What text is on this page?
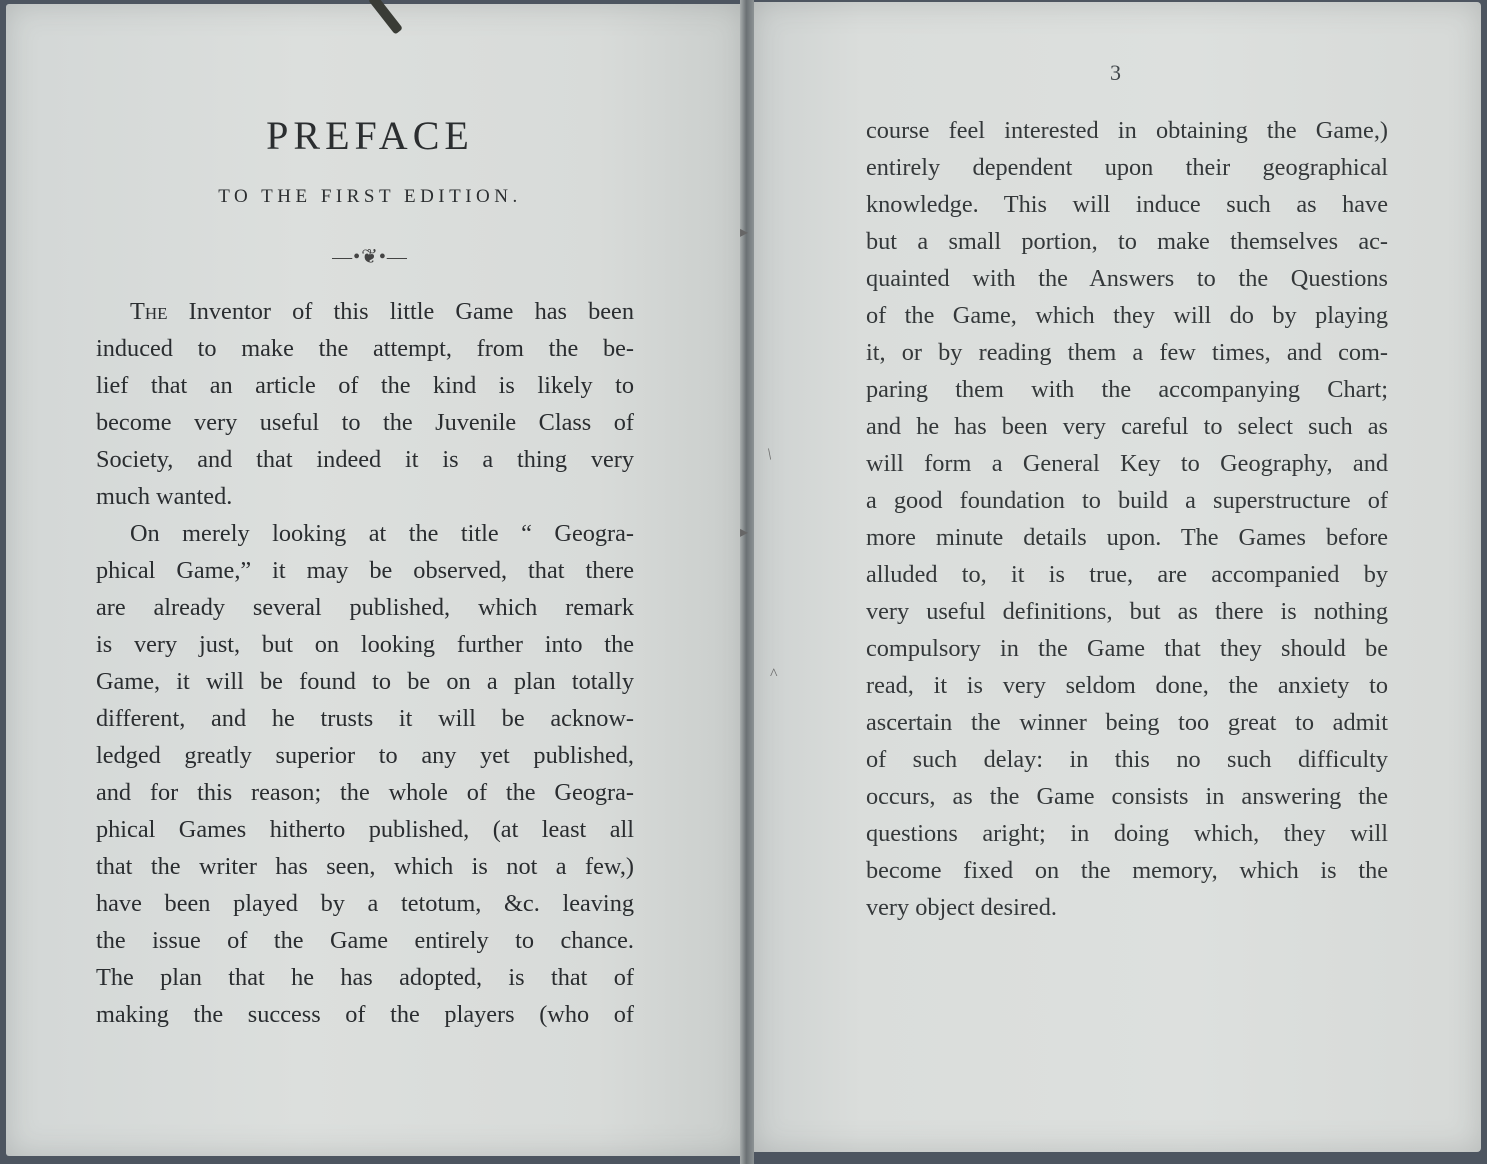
PREFACE
TO THE FIRST EDITION.
—•❦•—
The Inventor of this little Game has been
induced to make the attempt, from the be-
lief that an article of the kind is likely to
become very useful to the Juvenile Class of
Society, and that indeed it is a thing very
much wanted.
On merely looking at the title “ Geogra-
phical Game,” it may be observed, that there
are already several published, which remark
is very just, but on looking further into the
Game, it will be found to be on a plan totally
different, and he trusts it will be acknow-
ledged greatly superior to any yet published,
and for this reason; the whole of the Geogra-
phical Games hitherto published, (at least all
that the writer has seen, which is not a few,)
have been played by a tetotum, &c. leaving
the issue of the Game entirely to chance.
The plan that he has adopted, is that of
making the success of the players (who of
3
course feel interested in obtaining the Game,)
entirely dependent upon their geographical
knowledge. This will induce such as have
but a small portion, to make themselves ac-
quainted with the Answers to the Questions
of the Game, which they will do by playing
it, or by reading them a few times, and com-
paring them with the accompanying Chart;
and he has been very careful to select such as
will form a General Key to Geography, and
a good foundation to build a superstructure of
more minute details upon. The Games before
alluded to, it is true, are accompanied by
very useful definitions, but as there is nothing
compulsory in the Game that they should be
read, it is very seldom done, the anxiety to
ascertain the winner being too great to admit
of such delay: in this no such difficulty
occurs, as the Game consists in answering the
questions aright; in doing which, they will
become fixed on the memory, which is the
very object desired.
▸
▸
/
^
